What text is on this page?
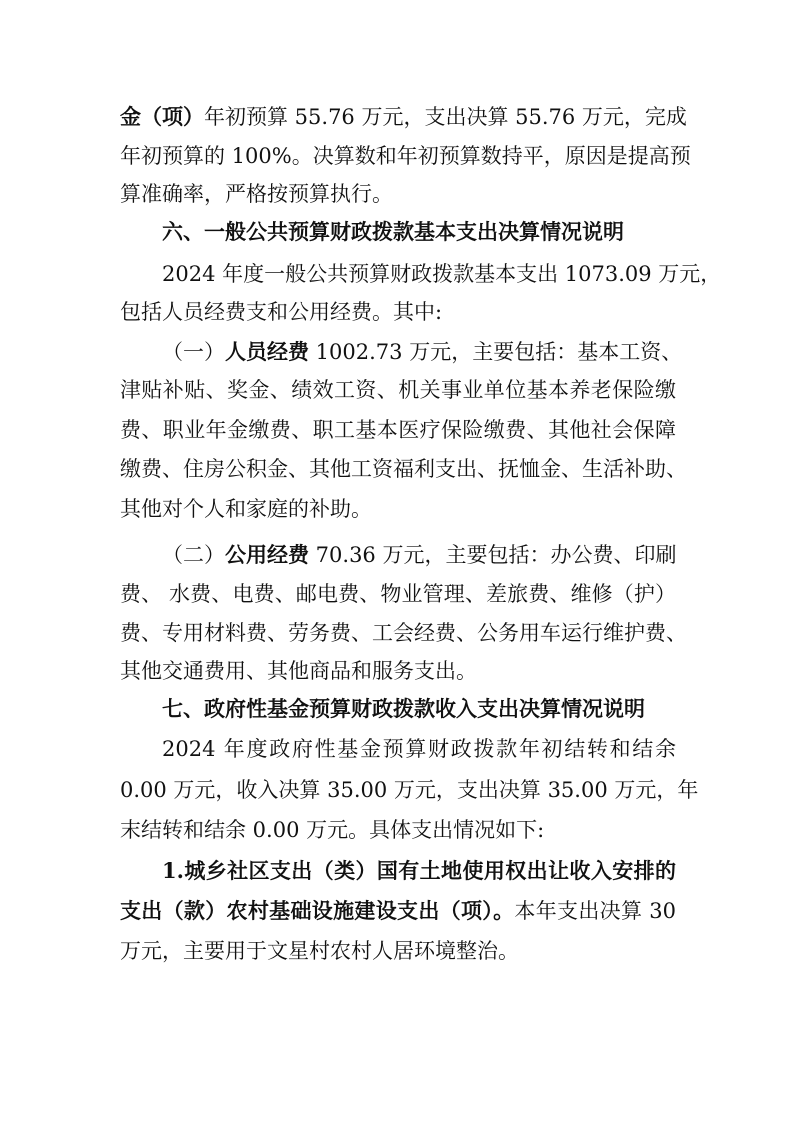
金（项）年初预算 55.76 万元，支出决算 55.76 万元，完成
年初预算的 100%。决算数和年初预算数持平，原因是提高预
算准确率，严格按预算执行。
六、一般公共预算财政拨款基本支出决算情况说明
2024 年度一般公共预算财政拨款基本支出 1073.09 万元，
包括人员经费支和公用经费。其中:
（一）人员经费 1002.73 万元，主要包括：基本工资、
津贴补贴、奖金、绩效工资、机关事业单位基本养老保险缴
费、职业年金缴费、职工基本医疗保险缴费、其他社会保障
缴费、住房公积金、其他工资福利支出、抚恤金、生活补助、
其他对个人和家庭的补助。
（二）公用经费 70.36 万元，主要包括：办公费、印刷
费、 水费、电费、邮电费、物业管理、差旅费、维修（护）
费、专用材料费、劳务费、工会经费、公务用车运行维护费、
其他交通费用、其他商品和服务支出。
七、政府性基金预算财政拨款收入支出决算情况说明
2024 年度政府性基金预算财政拨款年初结转和结余
0.00 万元，收入决算 35.00 万元，支出决算 35.00 万元，年
末结转和结余 0.00 万元。具体支出情况如下:
1.城乡社区支出（类）国有土地使用权出让收入安排的
支出（款）农村基础设施建设支出（项）。本年支出决算 30
万元，主要用于文星村农村人居环境整治。
